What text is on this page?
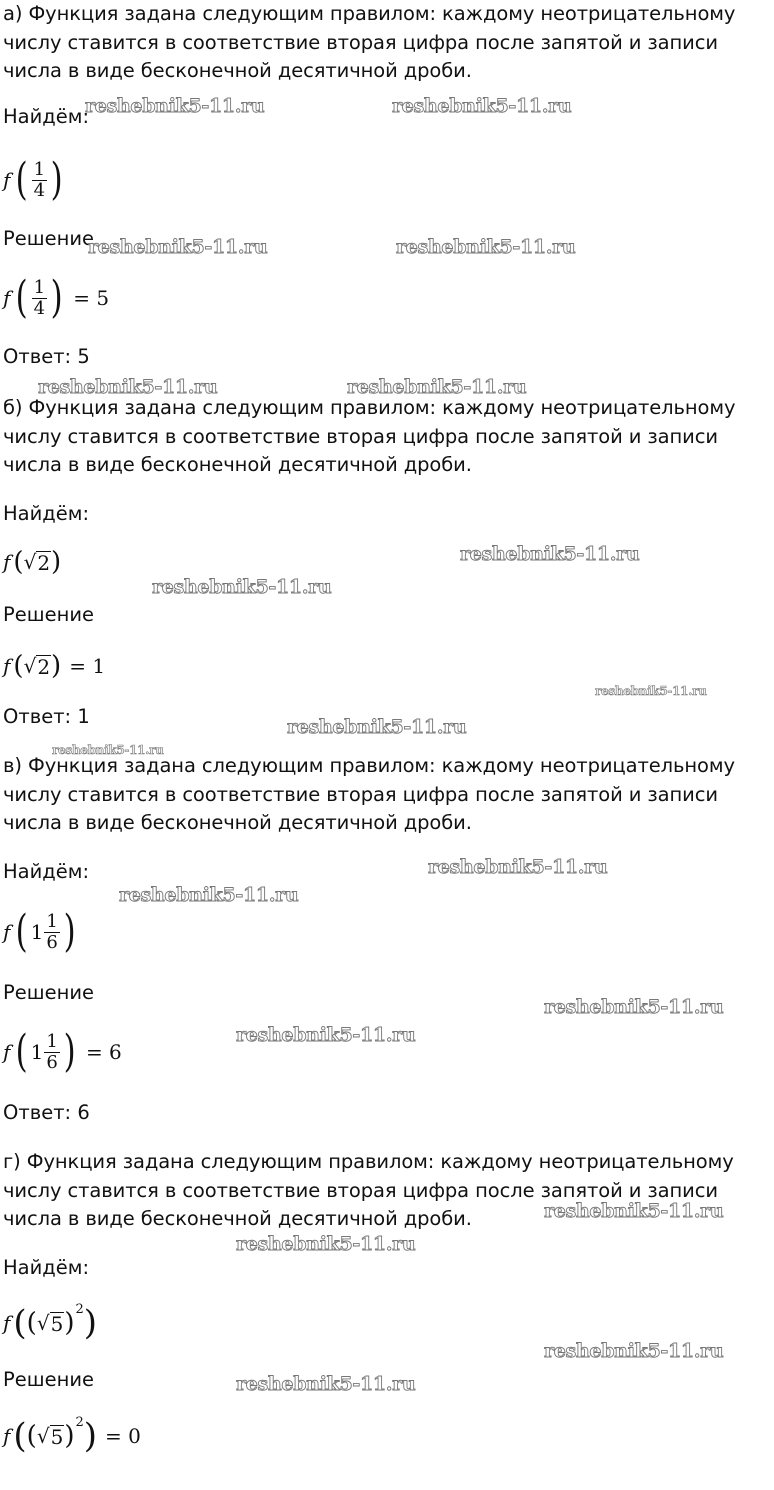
а) Функция задана следующим правилом: каждому неотрицательному числу ставится в соответствие вторая цифра после запятой и записи числа в виде бесконечной десятичной дроби.

Найдём:
f ( $\frac{1}{4}$ )
Решение
f ( $\frac{1}{4}$ ) = 5
Ответ: 5

б) Функция задана следующим правилом: каждому неотрицательному числу ставится в соответствие вторая цифра после запятой и записи числа в виде бесконечной десятичной дроби.

Найдём:
f ( √ 2 )
Решение
f ( √ 2 ) = 1
Ответ: 1

в) Функция задана следующим правилом: каждому неотрицательному числу ставится в соответствие вторая цифра после запятой и записи числа в виде бесконечной десятичной дроби.

Найдём:
f ( $1 \frac{1}{6}$ )
Решение
f ( $1 \frac{1}{6}$ ) = 6
Ответ: 6

г) Функция задана следующим правилом: каждому неотрицательному числу ставится в соответствие вторая цифра после запятой и записи числа в виде бесконечной десятичной дроби.

Найдём:
f ( ( √ 5 ) 2 )
Решение
f ( ( √ 5 ) 2 ) = 0
reshebnik5-11.ru	reshebnik5-11.ru
reshebnik5-11.ru	reshebnik5-11.ru
reshebnik5-11.ru	reshebnik5-11.ru
reshebnik5-11.ru
reshebnik5-11.ru
reshebnik5-11.ru
reshebnik5-11.ru
reshebnik5-11.ru
reshebnik5-11.ru
reshebnik5-11.ru
reshebnik5-11.ru
reshebnik5-11.ru
reshebnik5-11.ru
reshebnik5-11.ru
reshebnik5-11.ru
reshebnik5-11.ru
